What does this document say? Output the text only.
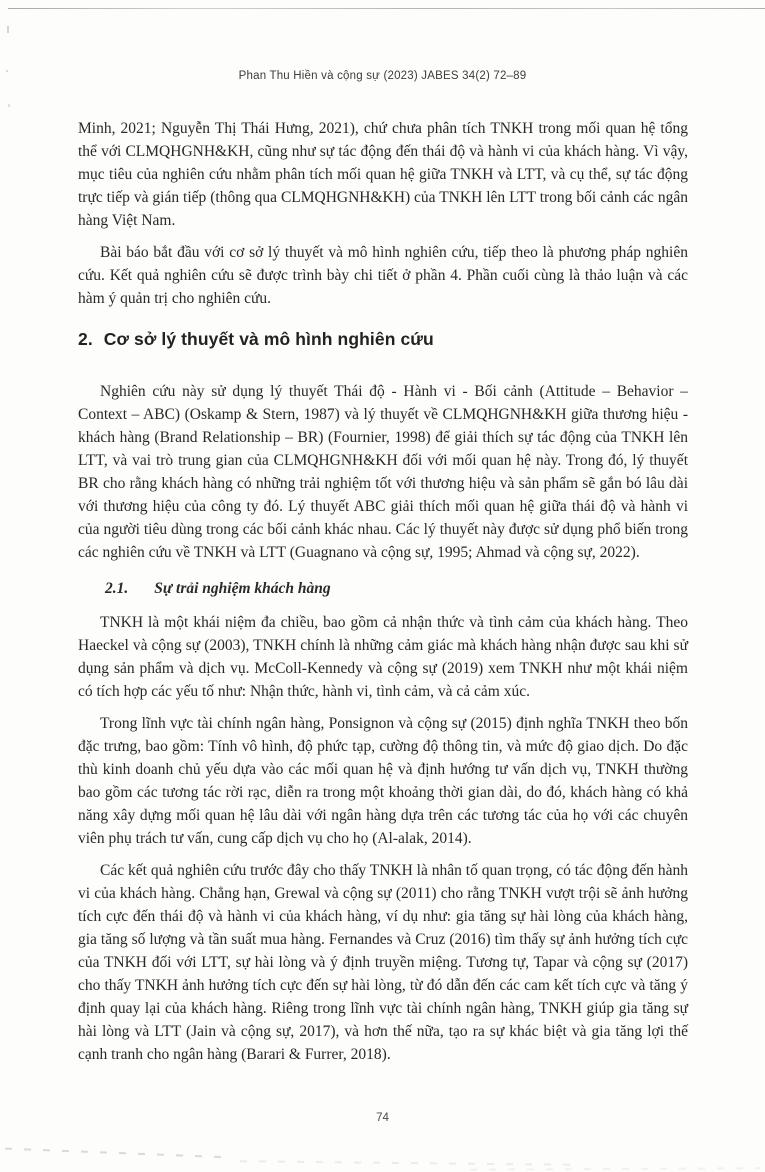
Phan Thu Hiền và cộng sự (2023) JABES 34(2) 72–89

Minh, 2021; Nguyễn Thị Thái Hưng, 2021), chứ chưa phân tích TNKH trong mối quan hệ tổng thể với CLMQHGNH&KH, cũng như sự tác động đến thái độ và hành vi của khách hàng. Vì vậy, mục tiêu của nghiên cứu nhằm phân tích mối quan hệ giữa TNKH và LTT, và cụ thể, sự tác động trực tiếp và gián tiếp (thông qua CLMQHGNH&KH) của TNKH lên LTT trong bối cảnh các ngân hàng Việt Nam.

Bài báo bắt đầu với cơ sở lý thuyết và mô hình nghiên cứu, tiếp theo là phương pháp nghiên cứu. Kết quả nghiên cứu sẽ được trình bày chi tiết ở phần 4. Phần cuối cùng là thảo luận và các hàm ý quản trị cho nghiên cứu.

2. Cơ sở lý thuyết và mô hình nghiên cứu

Nghiên cứu này sử dụng lý thuyết Thái độ - Hành vi - Bối cảnh (Attitude – Behavior – Context – ABC) (Oskamp & Stern, 1987) và lý thuyết về CLMQHGNH&KH giữa thương hiệu - khách hàng (Brand Relationship – BR) (Fournier, 1998) để giải thích sự tác động của TNKH lên LTT, và vai trò trung gian của CLMQHGNH&KH đối với mối quan hệ này. Trong đó, lý thuyết BR cho rằng khách hàng có những trải nghiệm tốt với thương hiệu và sản phẩm sẽ gắn bó lâu dài với thương hiệu của công ty đó. Lý thuyết ABC giải thích mối quan hệ giữa thái độ và hành vi của người tiêu dùng trong các bối cảnh khác nhau. Các lý thuyết này được sử dụng phổ biến trong các nghiên cứu về TNKH và LTT (Guagnano và cộng sự, 1995; Ahmad và cộng sự, 2022).

2.1. Sự trải nghiệm khách hàng

TNKH là một khái niệm đa chiều, bao gồm cả nhận thức và tình cảm của khách hàng. Theo Haeckel và cộng sự (2003), TNKH chính là những cảm giác mà khách hàng nhận được sau khi sử dụng sản phẩm và dịch vụ. McColl-Kennedy và cộng sự (2019) xem TNKH như một khái niệm có tích hợp các yếu tố như: Nhận thức, hành vi, tình cảm, và cả cảm xúc.

Trong lĩnh vực tài chính ngân hàng, Ponsignon và cộng sự (2015) định nghĩa TNKH theo bốn đặc trưng, bao gồm: Tính vô hình, độ phức tạp, cường độ thông tin, và mức độ giao dịch. Do đặc thù kinh doanh chủ yếu dựa vào các mối quan hệ và định hướng tư vấn dịch vụ, TNKH thường bao gồm các tương tác rời rạc, diễn ra trong một khoảng thời gian dài, do đó, khách hàng có khả năng xây dựng mối quan hệ lâu dài với ngân hàng dựa trên các tương tác của họ với các chuyên viên phụ trách tư vấn, cung cấp dịch vụ cho họ (Al-alak, 2014).

Các kết quả nghiên cứu trước đây cho thấy TNKH là nhân tố quan trọng, có tác động đến hành vi của khách hàng. Chẳng hạn, Grewal và cộng sự (2011) cho rằng TNKH vượt trội sẽ ảnh hưởng tích cực đến thái độ và hành vi của khách hàng, ví dụ như: gia tăng sự hài lòng của khách hàng, gia tăng số lượng và tần suất mua hàng. Fernandes và Cruz (2016) tìm thấy sự ảnh hưởng tích cực của TNKH đối với LTT, sự hài lòng và ý định truyền miệng. Tương tự, Tapar và cộng sự (2017) cho thấy TNKH ảnh hưởng tích cực đến sự hài lòng, từ đó dẫn đến các cam kết tích cực và tăng ý định quay lại của khách hàng. Riêng trong lĩnh vực tài chính ngân hàng, TNKH giúp gia tăng sự hài lòng và LTT (Jain và cộng sự, 2017), và hơn thế nữa, tạo ra sự khác biệt và gia tăng lợi thế cạnh tranh cho ngân hàng (Barari & Furrer, 2018).

74
